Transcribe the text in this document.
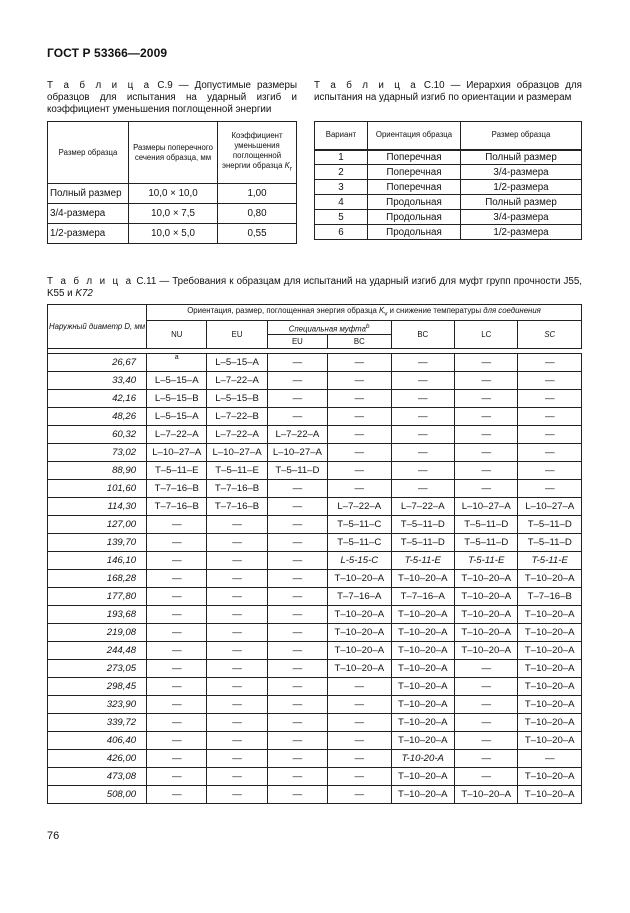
ГОСТ Р 53366—2009
Т а б л и ц а С.9 — Допустимые размеры образцов для испытания на ударный изгиб и коэффициент уменьшения поглощенной энергии
Размер образца	Размеры поперечного сечения образца, мм	Коэффициент уменьшения поглощенной энергии образца $K_r$
Полный размер	10,0 × 10,0	1,00
3/4-размера	10,0 × 7,5	0,80
1/2-размера	10,0 × 5,0	0,55
Т а б л и ц а С.10 — Иерархия образцов для испытания на ударный изгиб по ориентации и размерам
Вариант	Ориентация образца	Размер образца
1	Поперечная	Полный размер
2	Поперечная	3/4-размера
3	Поперечная	1/2-размера
4	Продольная	Полный размер
5	Продольная	3/4-размера
6	Продольная	1/2-размера
Т а б л и ц а С.11 — Требования к образцам для испытаний на ударный изгиб для муфт групп прочности J55, K55 и K72
Наружный диаметр D, мм	Ориентация, размер, поглощенная энергия образца $K_v$ и снижение температуры для соединения						
	NU	EU	Специальная муфта$^b$		BC	LC	SC
			EU	BC			

26,67	a	L–5–15–A	—	—	—	—	—
33,40	L–5–15–A	L–7–22–A	—	—	—	—	—
42,16	L–5–15–B	L–5–15–B	—	—	—	—	—
48,26	L–5–15–A	L–7–22–B	—	—	—	—	—
60,32	L–7–22–A	L–7–22–A	L–7–22–A	—	—	—	—
73,02	L–10–27–A	L–10–27–A	L–10–27–A	—	—	—	—
88,90	T–5–11–E	T–5–11–E	T–5–11–D	—	—	—	—
101,60	T–7–16–B	T–7–16–B	—	—	—	—	—
114,30	T–7–16–B	T–7–16–B	—	L–7–22–A	L–7–22–A	L–10–27–A	L–10–27–A
127,00	—	—	—	T–5–11–C	T–5–11–D	T–5–11–D	T–5–11–D
139,70	—	—	—	T–5–11–C	T–5–11–D	T–5–11–D	T–5–11–D
146,10	—	—	—	L-5-15-C	T-5-11-E	T-5-11-E	T-5-11-E
168,28	—	—	—	T–10–20–A	T–10–20–A	T–10–20–A	T–10–20–A
177,80	—	—	—	T–7–16–A	T–7–16–A	T–10–20–A	T–7–16–B
193,68	—	—	—	T–10–20–A	T–10–20–A	T–10–20–A	T–10–20–A
219,08	—	—	—	T–10–20–A	T–10–20–A	T–10–20–A	T–10–20–A
244,48	—	—	—	T–10–20–A	T–10–20–A	T–10–20–A	T–10–20–A
273,05	—	—	—	T–10–20–A	T–10–20–A	—	T–10–20–A
298,45	—	—	—	—	T–10–20–A	—	T–10–20–A
323,90	—	—	—	—	T–10–20–A	—	T–10–20–A
339,72	—	—	—	—	T–10–20–A	—	T–10–20–A
406,40	—	—	—	—	T–10–20–A	—	T–10–20–A
426,00	—	—	—	—	T-10-20-A	—	—
473,08	—	—	—	—	T–10–20–A	—	T–10–20–A
508,00	—	—	—	—	T–10–20–A	T–10–20–A	T–10–20–A
76
